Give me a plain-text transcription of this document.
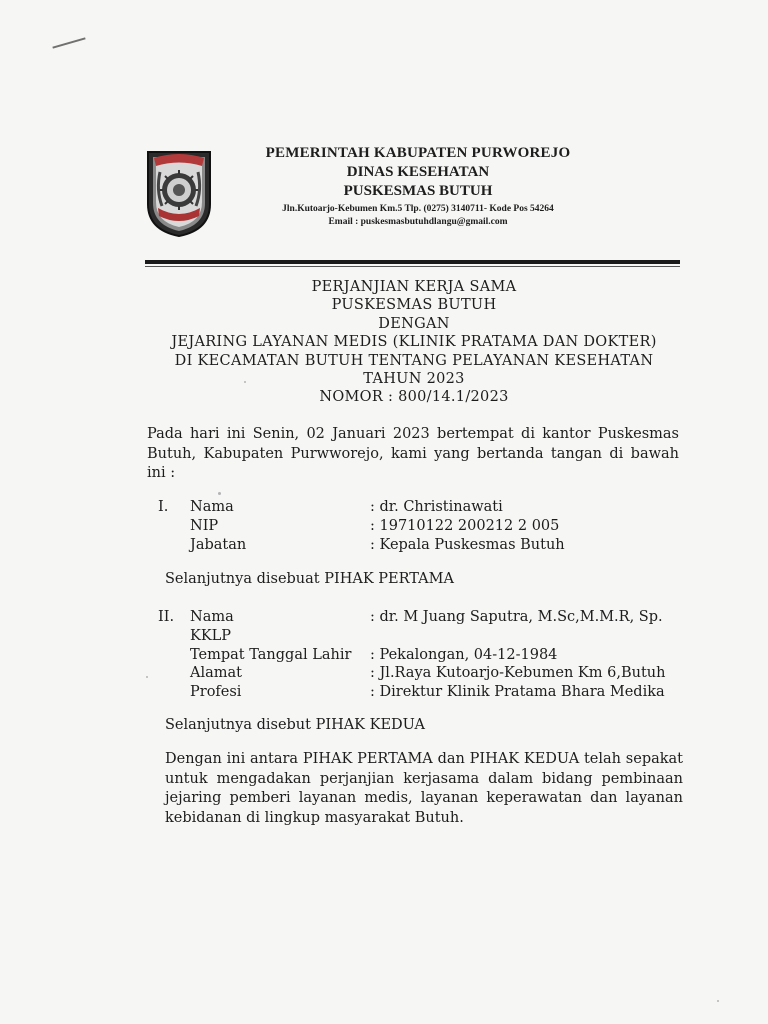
PEMERINTAH KABUPATEN PURWOREJO
DINAS KESEHATAN
PUSKESMAS BUTUH
Jln.Kutoarjo-Kebumen Km.5 Tlp. (0275) 3140711- Kode Pos 54264
Email : puskesmasbutuhdlangu@gmail.com
PERJANJIAN KERJA SAMA
PUSKESMAS BUTUH
DENGAN
JEJARING LAYANAN MEDIS (KLINIK PRATAMA DAN DOKTER)
DI KECAMATAN BUTUH TENTANG PELAYANAN KESEHATAN
TAHUN 2023
NOMOR : 800/14.1/2023
Pada hari ini Senin, 02 Januari 2023 bertempat di kantor Puskesmas Butuh, Kabupaten Purwworejo, kami yang bertanda tangan di bawah ini :
I. Nama	: dr. Christinawati
NIP	: 19710122 200212 2 005
Jabatan	: Kepala Puskesmas Butuh
Selanjutnya disebuat PIHAK PERTAMA
II. Nama	: dr. M Juang Saputra, M.Sc,M.M.R, Sp.
KKLP
Tempat Tanggal Lahir : Pekalongan, 04-12-1984
Alamat	: Jl.Raya Kutoarjo-Kebumen Km 6,Butuh
Profesi	: Direktur Klinik Pratama Bhara Medika
Selanjutnya disebut PIHAK KEDUA
Dengan ini antara PIHAK PERTAMA dan PIHAK KEDUA telah sepakat untuk mengadakan perjanjian kerjasama dalam bidang pembinaan jejaring pemberi layanan medis, layanan keperawatan dan layanan kebidanan di lingkup masyarakat Butuh.
